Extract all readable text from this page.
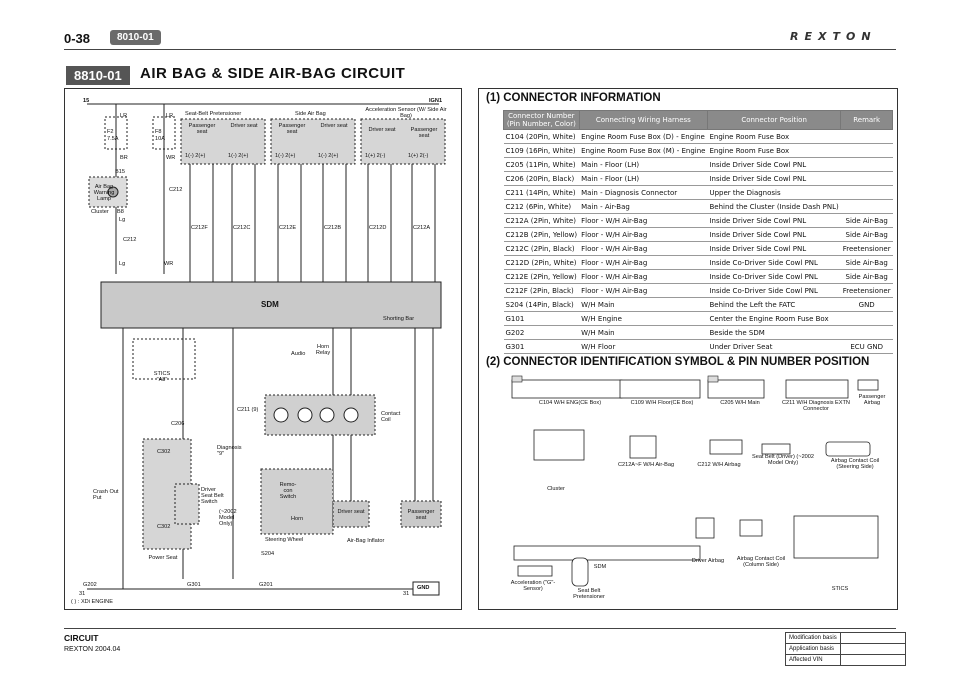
0-38	8010-01	REXTON
8810-01	AIR BAG & SIDE AIR-BAG CIRCUIT
15	IGN1
LR	LR
F2
7.5A
F8
10A
BR	WR
B15
Air Bag Warning Lamp
Cluster B8
C212
Lg
C212
Lg	WR
Seat-Belt Pretensioner	Side Air Bag
Acceleration Sensor (W/ Side Air Bag)
Passenger seat
Driver seat	Passenger seat
Driver seat
Driver seat	Passenger seat
1(-) 2(+)	1(-) 2(+)	1(-) 2(+)	1(-) 2(+)	1(+) 2(-)	1(+) 2(-)
C212F	C212C	C212E	C212B	C212D	C212A
SDM
Shorting Bar
Audio
Horn Relay
Contact Coil
Crash Out Put
STICS "A8"
C206
C302
C302
Driver Seat Belt Switch
(~2002 Model Only)
Power Seat
Diagnosis "9"
C211 (9)
S204
Steering Wheel
Remo-con Switch
Horn
Air-Bag Inflator
Driver seat	Passenger seat
G202	G301	G201	GND
31	31
( ) : XDi ENGINE
(1) CONNECTOR INFORMATION
Connector Number (Pin Number, Color)	Connecting Wiring Harness	Connector Position	Remark
C104 (20Pin, White)	Engine Room Fuse Box (D) - Engine	Engine Room Fuse Box	
C109 (16Pin, White)	Engine Room Fuse Box (M) - Engine	Engine Room Fuse Box	
C205 (11Pin, White)	Main - Floor (LH)	Inside Driver Side Cowl PNL	
C206 (20Pin, Black)	Main - Floor (LH)	Inside Driver Side Cowl PNL	
C211 (14Pin, White)	Main - Diagnosis Connector	Upper the Diagnosis	
C212 (6Pin, White)	Main - Air-Bag	Behind the Cluster (Inside Dash PNL)	
C212A (2Pin, White)	Floor - W/H Air-Bag	Inside Driver Side Cowl PNL	Side Air-Bag
C212B (2Pin, Yellow)	Floor - W/H Air-Bag	Inside Driver Side Cowl PNL	Side Air-Bag
C212C (2Pin, Black)	Floor - W/H Air-Bag	Inside Driver Side Cowl PNL	Freetensioner
C212D (2Pin, White)	Floor - W/H Air-Bag	Inside Co-Driver Side Cowl PNL	Side Air-Bag
C212E (2Pin, Yellow)	Floor - W/H Air-Bag	Inside Co-Driver Side Cowl PNL	Side Air-Bag
C212F (2Pin, Black)	Floor - W/H Air-Bag	Inside Co-Driver Side Cowl PNL	Freetensioner
S204 (14Pin, Black)	W/H Main	Behind the Left the FATC	GND
G101	W/H Engine	Center the Engine Room Fuse Box	
G202	W/H Main	Beside the SDM	
G301	W/H Floor	Under Driver Seat	ECU GND
(2) CONNECTOR IDENTIFICATION SYMBOL & PIN NUMBER POSITION
C104 W/H ENG(CE Box)	C109 W/H Floor(CE Box)	C205 W/H Main	C211 W/H Diagnosis EXTN Connector
Passenger Airbag
Cluster
C212A~F W/H Air-Bag	C212 W/H Airbag
Seat Belt (Driver) (~2002 Model Only)	Airbag Contact Coil (Steering Side)
SDM
Driver Airbag	Airbag Contact Coil (Column Side)
STICS
Acceleration ("G"-Sensor)	Seat Belt Pretensioner
CIRCUIT
REXTON 2004.04
Modification basis	
Application basis	
Affected VIN	
